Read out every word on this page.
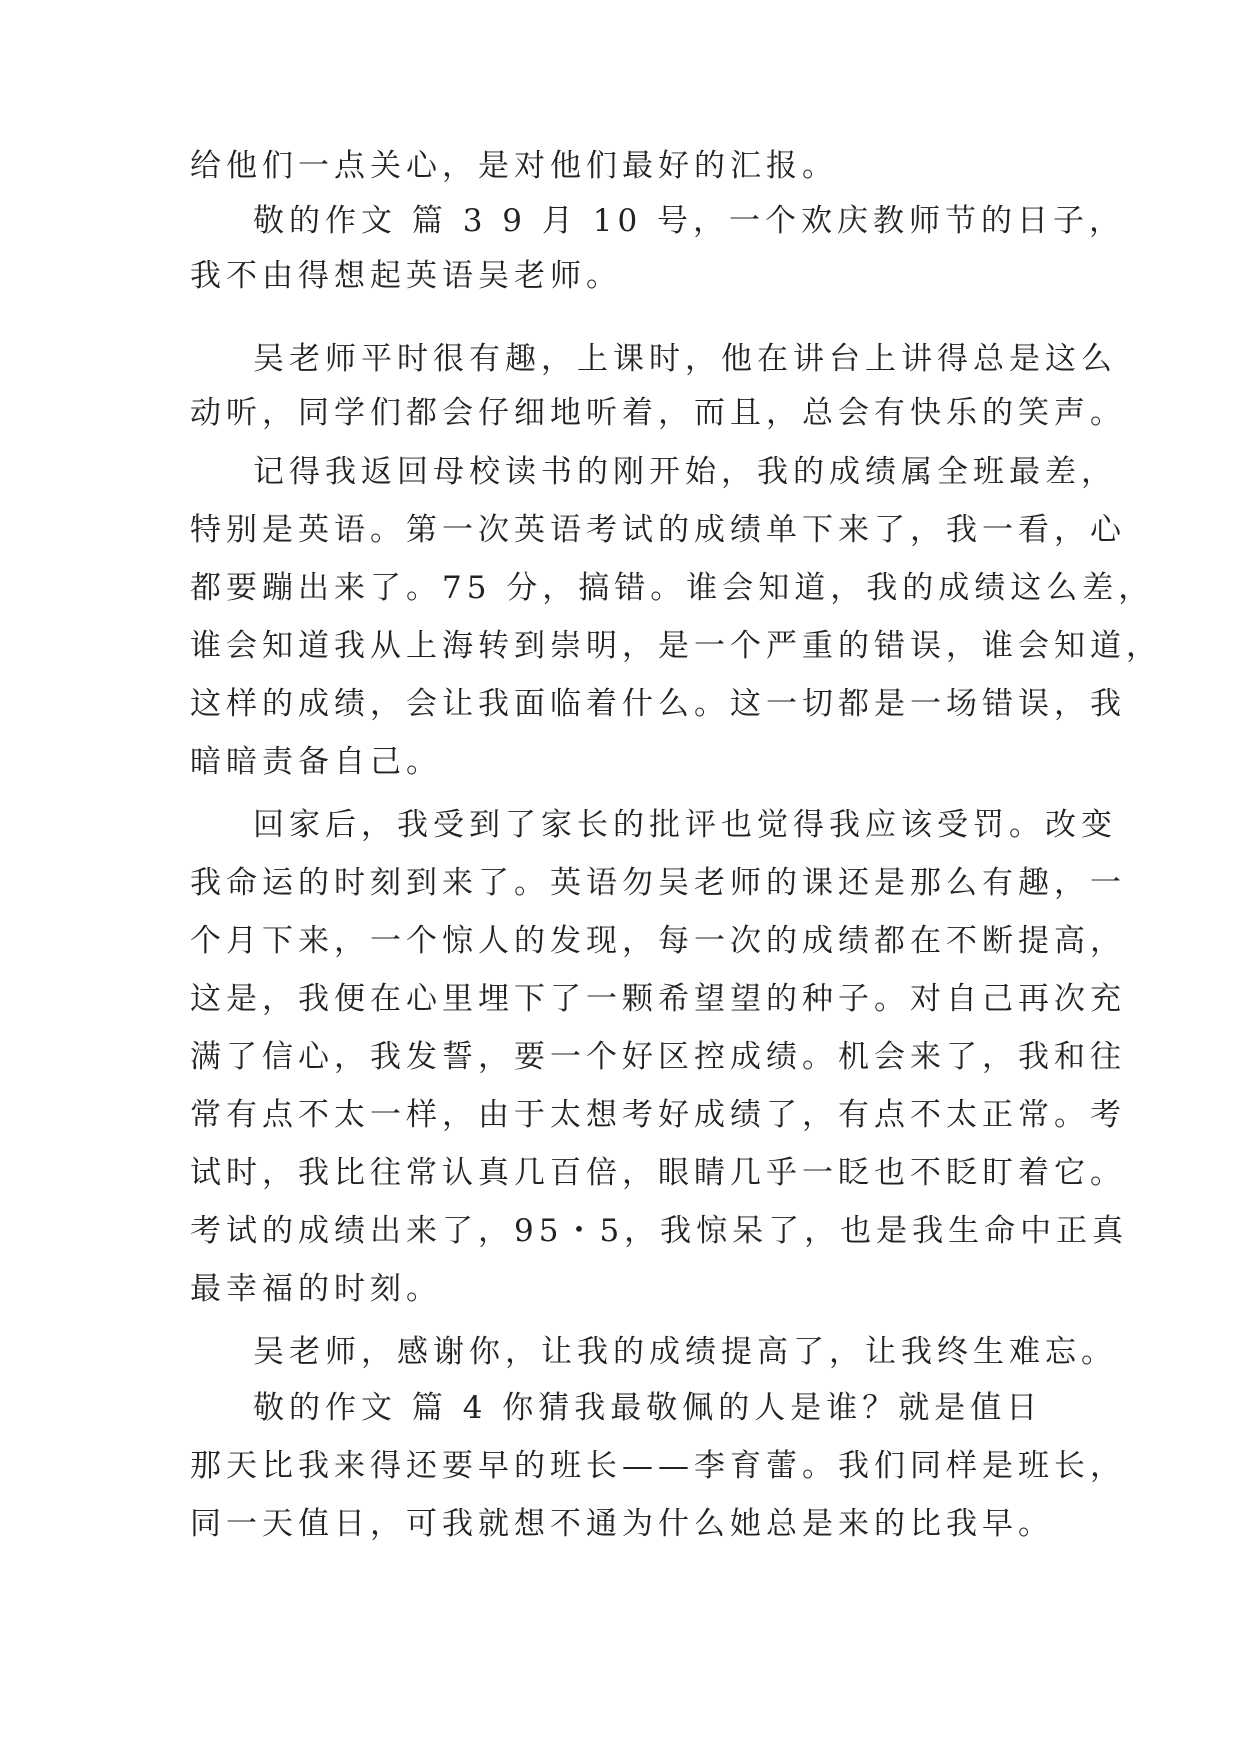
给他们一点关心，是对他们最好的汇报。
敬的作文 篇 3 9 月 10 号，一个欢庆教师节的日子，
我不由得想起英语吴老师。
吴老师平时很有趣，上课时，他在讲台上讲得总是这么
动听，同学们都会仔细地听着，而且，总会有快乐的笑声。
记得我返回母校读书的刚开始，我的成绩属全班最差，
特别是英语。第一次英语考试的成绩单下来了，我一看，心
都要蹦出来了。75 分，搞错。谁会知道，我的成绩这么差，
谁会知道我从上海转到崇明，是一个严重的错误，谁会知道，
这样的成绩，会让我面临着什么。这一切都是一场错误，我
暗暗责备自己。
回家后，我受到了家长的批评也觉得我应该受罚。改变
我命运的时刻到来了。英语勿吴老师的课还是那么有趣，一
个月下来，一个惊人的发现，每一次的成绩都在不断提高，
这是，我便在心里埋下了一颗希望望的种子。对自己再次充
满了信心，我发誓，要一个好区控成绩。机会来了，我和往
常有点不太一样，由于太想考好成绩了，有点不太正常。考
试时，我比往常认真几百倍，眼睛几乎一眨也不眨盯着它。
考试的成绩出来了，95・5，我惊呆了，也是我生命中正真
最幸福的时刻。
吴老师，感谢你，让我的成绩提高了，让我终生难忘。
敬的作文 篇 4 你猜我最敬佩的人是谁？就是值日
那天比我来得还要早的班长——李育蕾。我们同样是班长，
同一天值日，可我就想不通为什么她总是来的比我早。
